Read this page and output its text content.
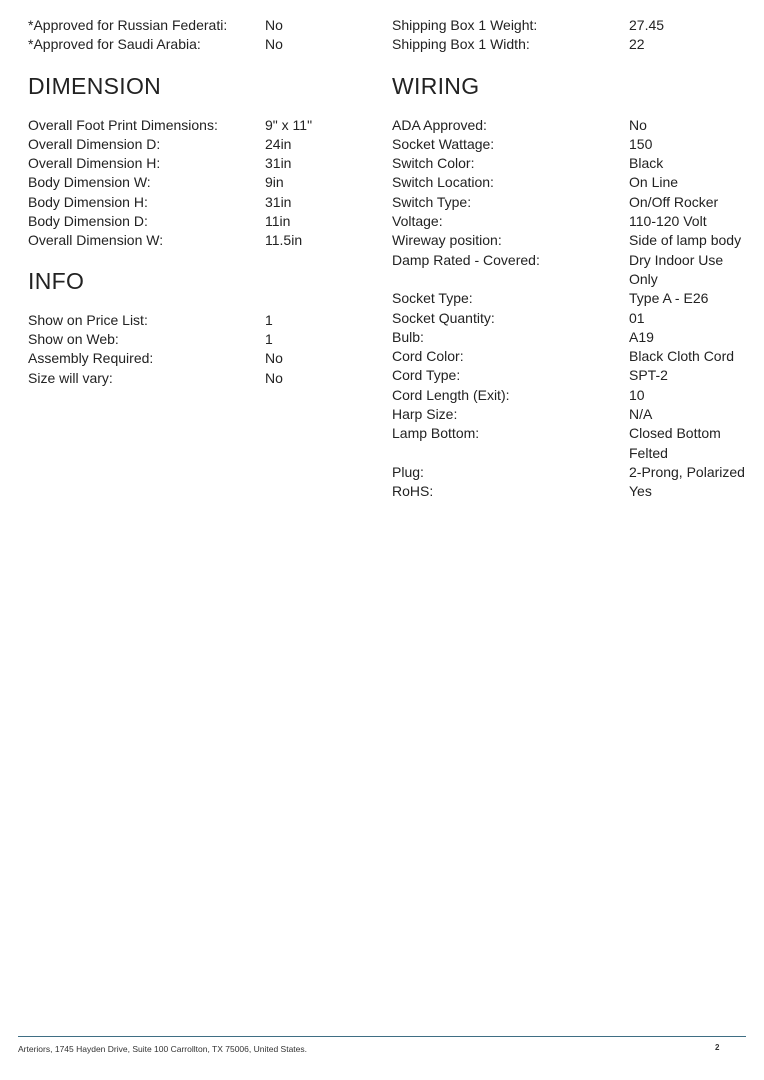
*Approved for Russian Federati:	No
*Approved for Saudi Arabia:	No
DIMENSION
Overall Foot Print Dimensions:	9" x 11"
Overall Dimension D:	24in
Overall Dimension H:	31in
Body Dimension W:	9in
Body Dimension H:	31in
Body Dimension D:	11in
Overall Dimension W:	11.5in
INFO
Show on Price List:	1
Show on Web:	1
Assembly Required:	No
Size will vary:	No
Shipping Box 1 Weight:	27.45
Shipping Box 1 Width:	22
WIRING
ADA Approved:	No
Socket Wattage:	150
Switch Color:	Black
Switch Location:	On Line
Switch Type:	On/Off Rocker
Voltage:	110-120 Volt
Wireway position:	Side of lamp body
Damp Rated - Covered:	Dry Indoor Use Only
Socket Type:	Type A - E26
Socket Quantity:	01
Bulb:	A19
Cord Color:	Black Cloth Cord
Cord Type:	SPT-2
Cord Length (Exit):	10
Harp Size:	N/A
Lamp Bottom:	Closed Bottom Felted
Plug:	2-Prong, Polarized
RoHS:	Yes
Arteriors, 1745 Hayden Drive, Suite 100 Carrollton, TX 75006, United States.	2
